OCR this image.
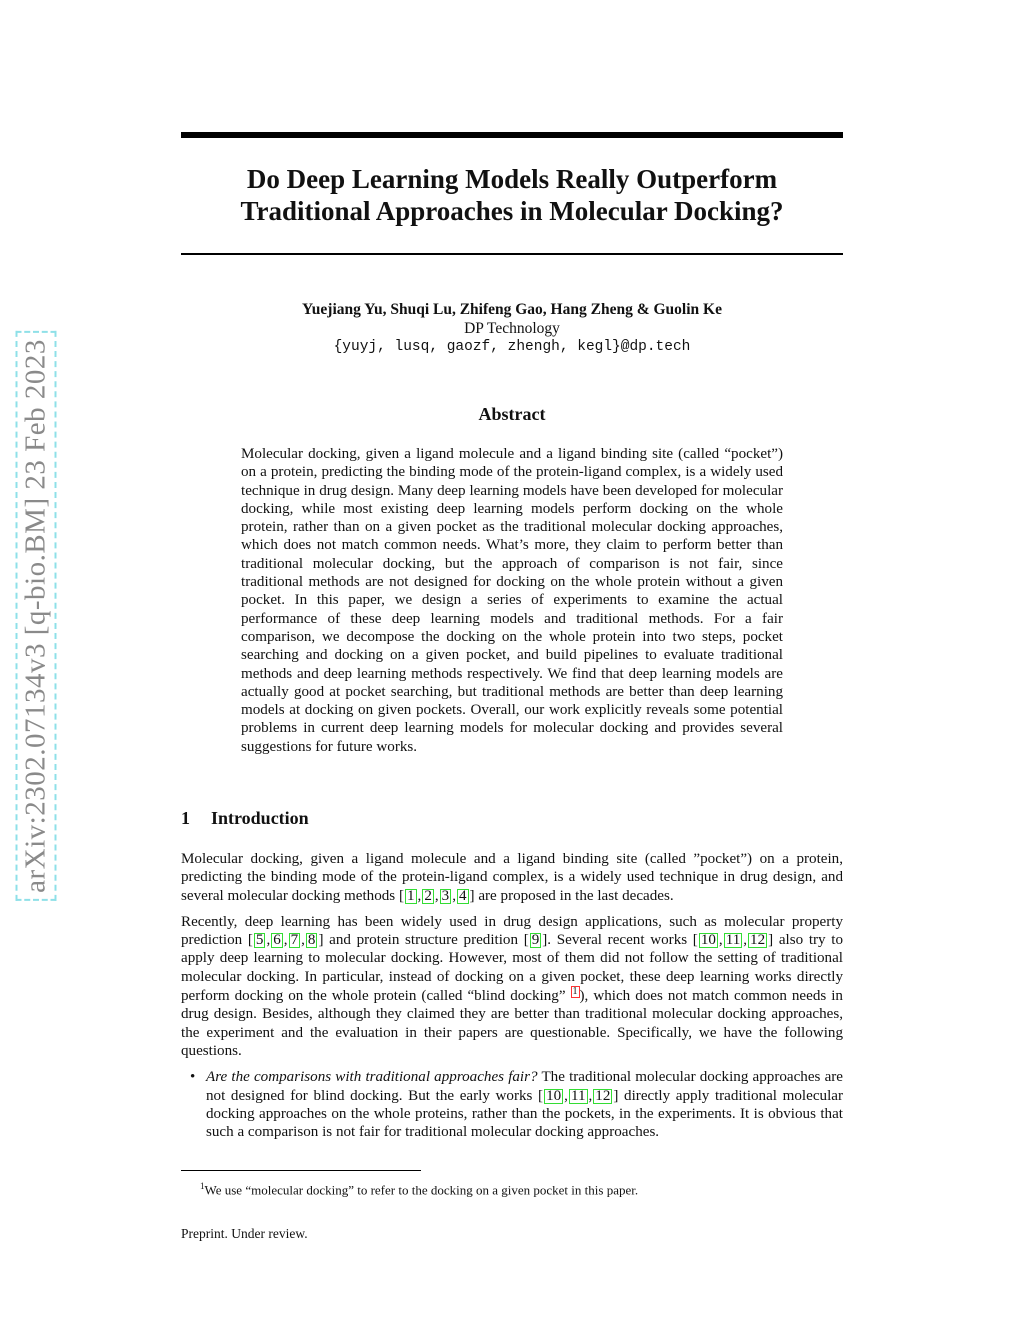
arXiv:2302.07134v3 [q-bio.BM] 23 Feb 2023
Do Deep Learning Models Really Outperform
Traditional Approaches in Molecular Docking?
Yuejiang Yu, Shuqi Lu, Zhifeng Gao, Hang Zheng & Guolin Ke
DP Technology
{yuyj, lusq, gaozf, zhengh, kegl}@dp.tech
Abstract
Molecular docking, given a ligand molecule and a ligand binding site (called “pocket”) on a protein, predicting the binding mode of the protein-ligand complex, is a widely used technique in drug design. Many deep learning models have been developed for molecular docking, while most existing deep learning models perform docking on the whole protein, rather than on a given pocket as the traditional molecular docking approaches, which does not match common needs. What’s more, they claim to perform better than traditional molecular docking, but the approach of comparison is not fair, since traditional methods are not designed for docking on the whole protein without a given pocket. In this paper, we design a series of experiments to examine the actual performance of these deep learning models and traditional methods. For a fair comparison, we decompose the docking on the whole protein into two steps, pocket searching and docking on a given pocket, and build pipelines to evaluate traditional methods and deep learning methods respectively. We find that deep learning models are actually good at pocket searching, but traditional methods are better than deep learning models at docking on given pockets. Overall, our work explicitly reveals some potential problems in current deep learning models for molecular docking and provides several suggestions for future works.
1 Introduction

Molecular docking, given a ligand molecule and a ligand binding site (called ”pocket”) on a protein, predicting the binding mode of the protein-ligand complex, is a widely used technique in drug design, and several molecular docking methods [ 1 , 2 , 3 , 4 ] are proposed in the last decades.

Recently, deep learning has been widely used in drug design applications, such as molecular property prediction [ 5 , 6 , 7 , 8 ] and protein structure predition [ 9 ]. Several recent works [ 10 , 11 , 12 ] also try to apply deep learning to molecular docking. However, most of them did not follow the setting of traditional molecular docking. In particular, instead of docking on a given pocket, these deep learning works directly perform docking on the whole protein (called “blind docking” 1 ), which does not match common needs in drug design. Besides, although they claimed they are better than traditional molecular docking approaches, the experiment and the evaluation in their papers are questionable. Specifically, we have the following questions.

• Are the comparisons with traditional approaches fair? The traditional molecular docking approaches are not designed for blind docking. But the early works [ 10 , 11 , 12 ] directly apply traditional molecular docking approaches on the whole proteins, rather than the pockets, in the experiments. It is obvious that such a comparison is not fair for traditional molecular docking approaches.
$^1$We use “molecular docking” to refer to the docking on a given pocket in this paper.
Preprint. Under review.
